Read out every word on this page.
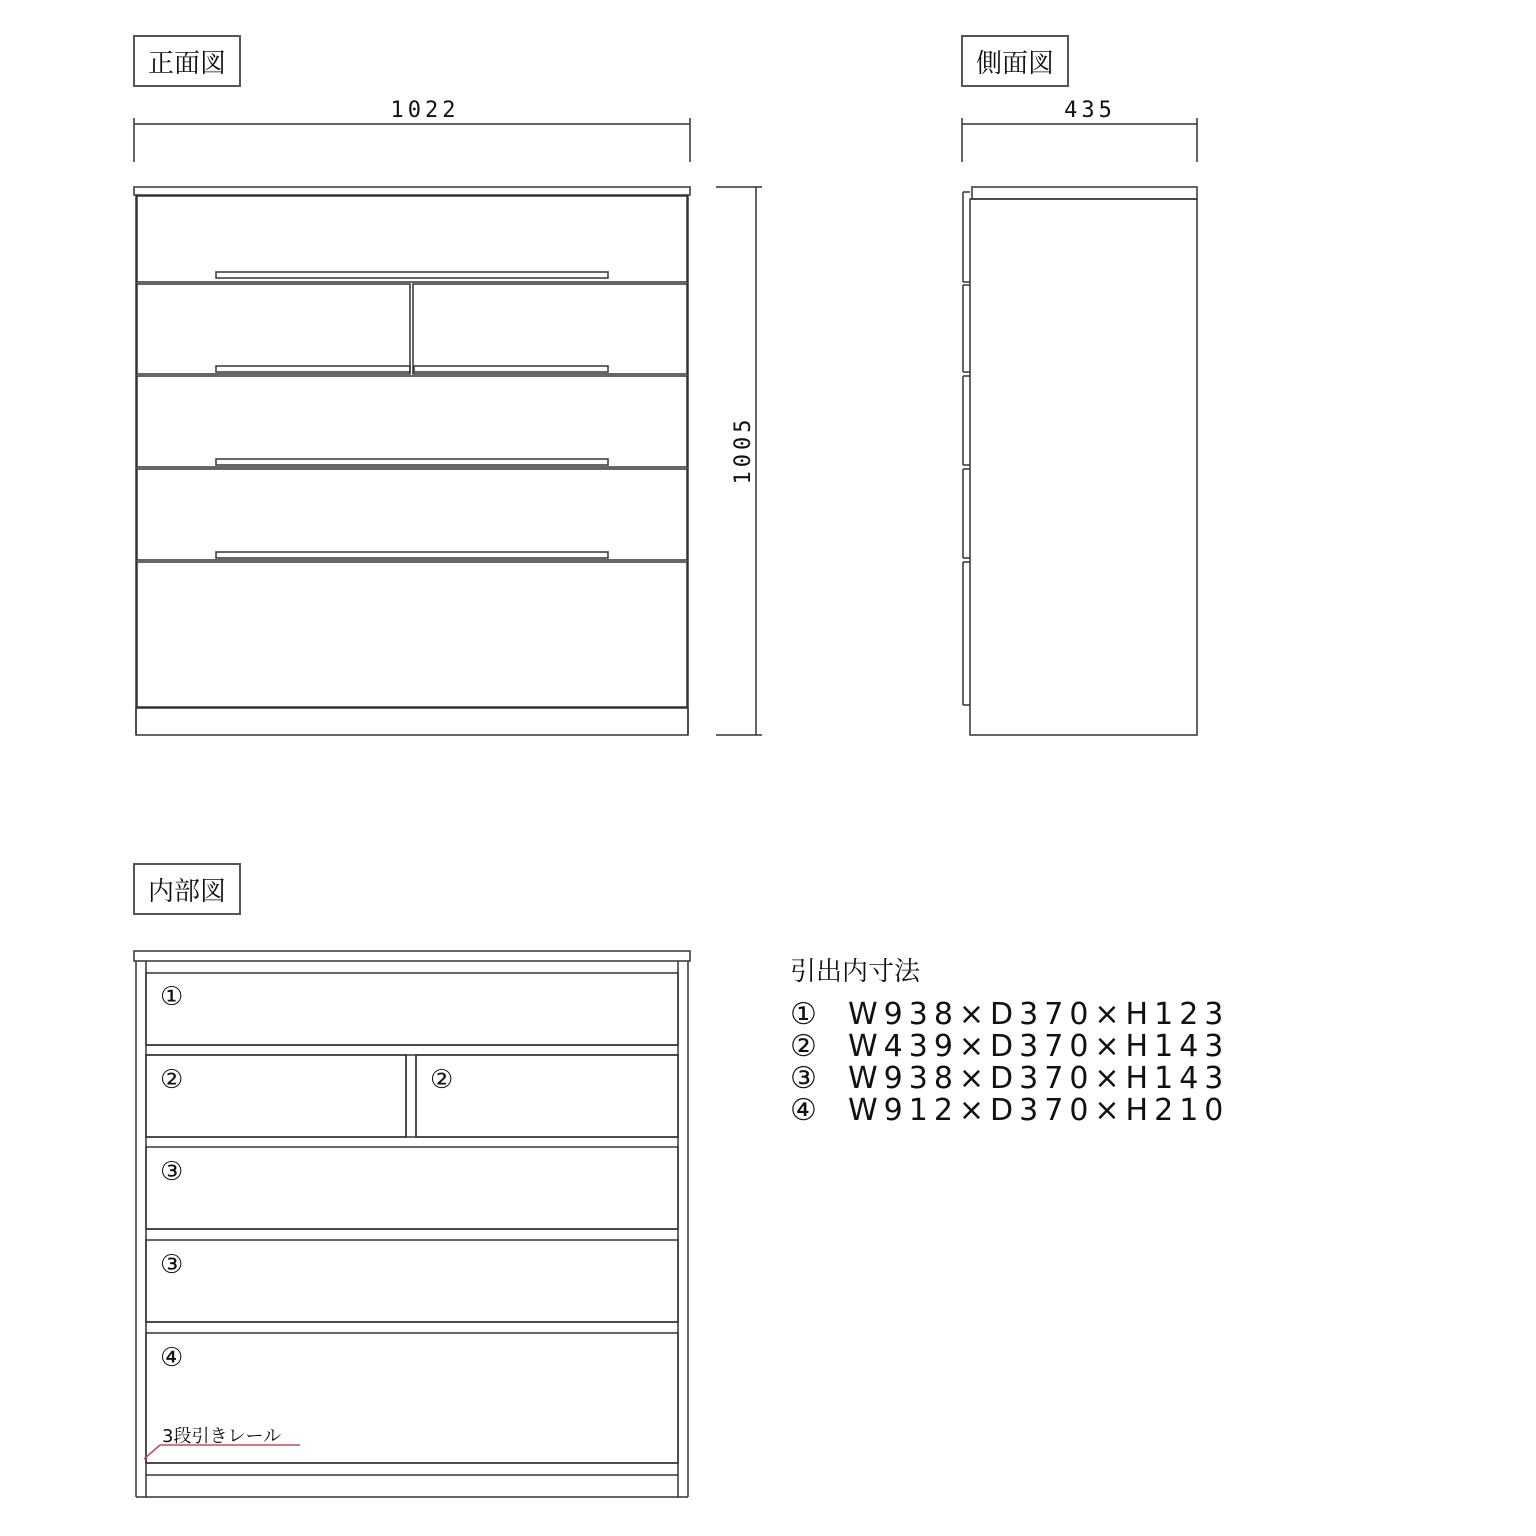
正面図
1022
1005
側面図
435
内部図
①
②	②
③
③
④
3段引きレール
引出内寸法
① W938×D370×H123
② W439×D370×H143
③ W938×D370×H143
④ W912×D370×H210
